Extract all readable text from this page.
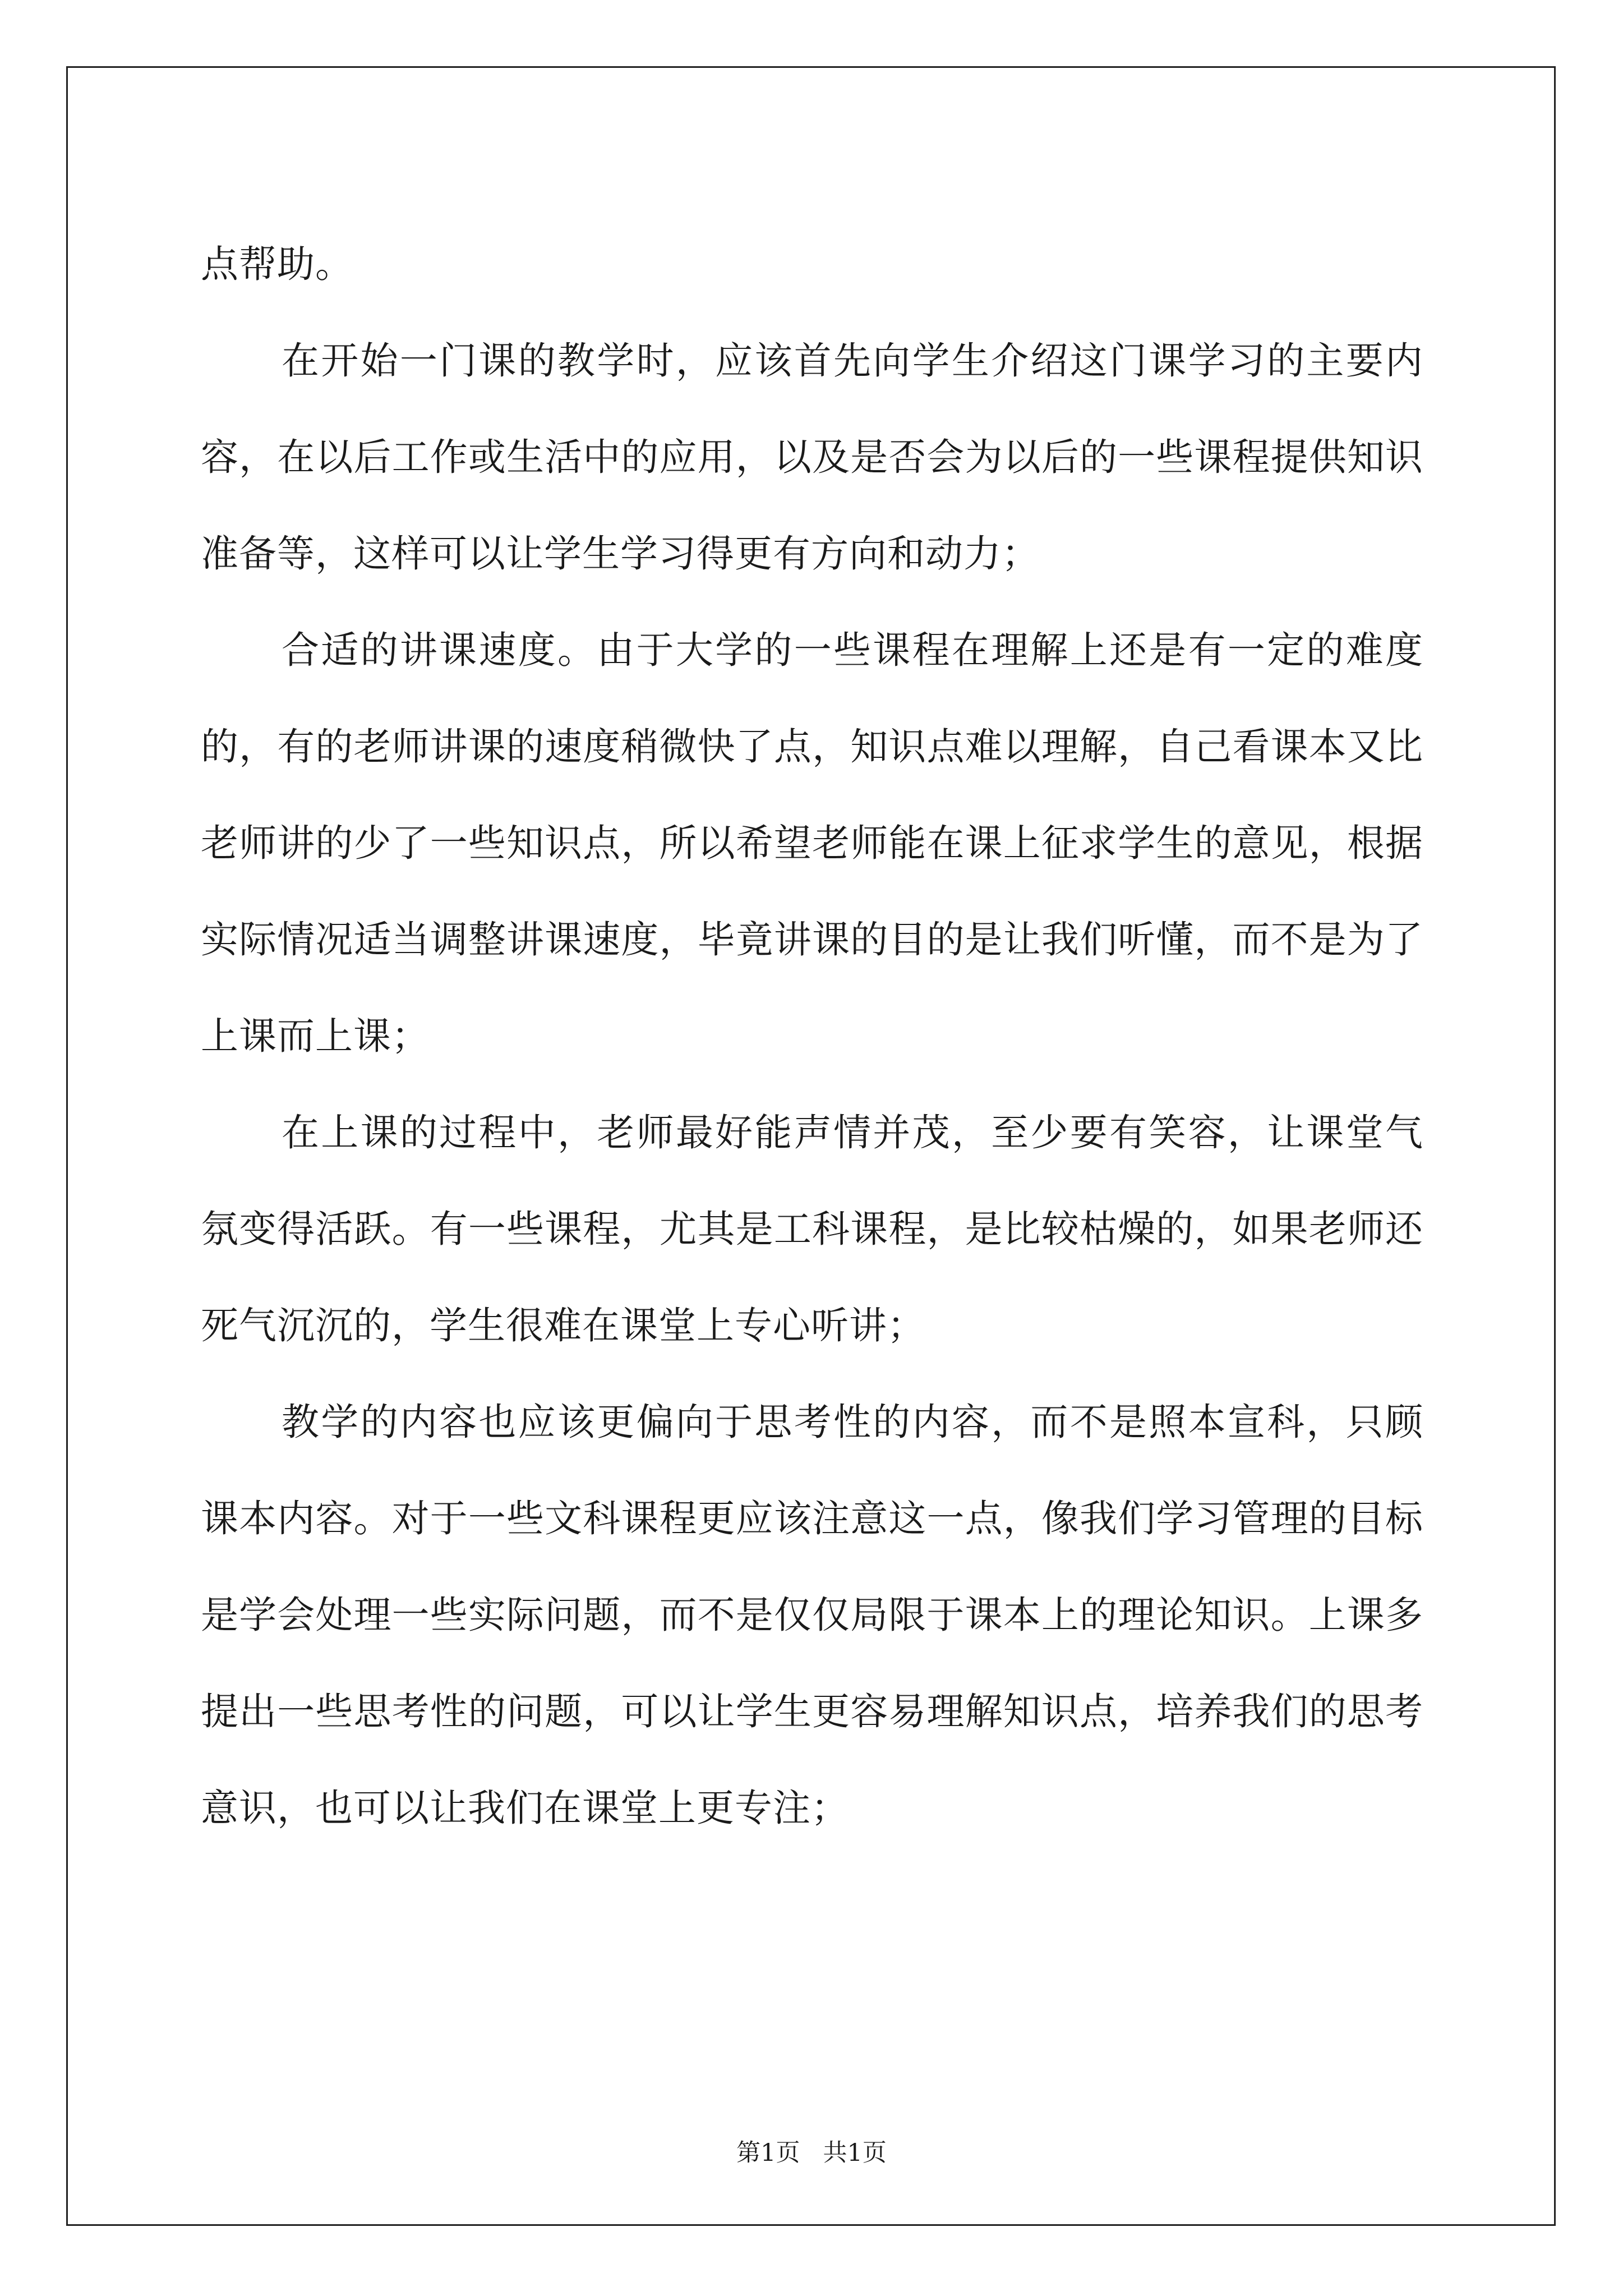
点帮助。

在开始一门课的教学时，应该首先向学生介绍这门课学习的主要内容，在以后工作或生活中的应用，以及是否会为以后的一些课程提供知识准备等，这样可以让学生学习得更有方向和动力；

合适的讲课速度。由于大学的一些课程在理解上还是有一定的难度的，有的老师讲课的速度稍微快了点，知识点难以理解，自己看课本又比老师讲的少了一些知识点，所以希望老师能在课上征求学生的意见，根据实际情况适当调整讲课速度，毕竟讲课的目的是让我们听懂，而不是为了上课而上课；

在上课的过程中，老师最好能声情并茂，至少要有笑容，让课堂气氛变得活跃。有一些课程，尤其是工科课程，是比较枯燥的，如果老师还死气沉沉的，学生很难在课堂上专心听讲；

教学的内容也应该更偏向于思考性的内容，而不是照本宣科，只顾课本内容。对于一些文科课程更应该注意这一点，像我们学习管理的目标是学会处理一些实际问题，而不是仅仅局限于课本上的理论知识。上课多提出一些思考性的问题，可以让学生更容易理解知识点，培养我们的思考意识，也可以让我们在课堂上更专注；

第1页   共1页
